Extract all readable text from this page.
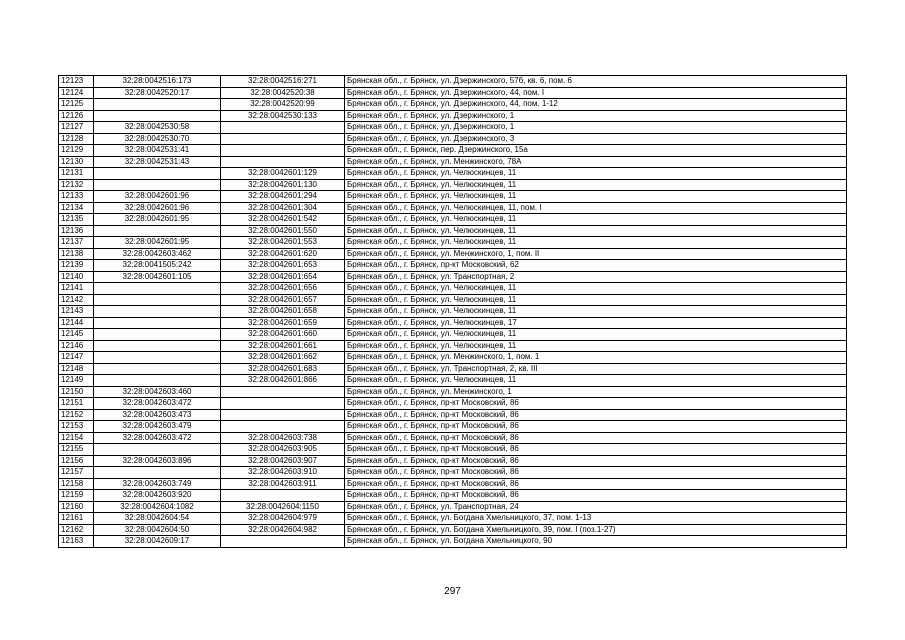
12123	32:28:0042516:173	32:28:0042516:271	Брянская обл., г. Брянск, ул. Дзержинского, 57б, кв. 6, пом. 6
12124	32:28:0042520:17	32:28:0042520:38	Брянская обл., г. Брянск, ул. Дзержинского, 44, пом. I
12125		32:28:0042520:99	Брянская обл., г. Брянск, ул. Дзержинского, 44, пом. 1-12
12126		32:28:0042530:133	Брянская обл., г. Брянск, ул. Дзержинского, 1
12127	32:28:0042530:58		Брянская обл., г. Брянск, ул. Дзержинского, 1
12128	32:28:0042530:70		Брянская обл., г. Брянск, ул. Дзержинского, 3
12129	32:28:0042531:41		Брянская обл., г. Брянск, пер. Дзержинского, 15а
12130	32:28:0042531:43		Брянская обл., г. Брянск, ул. Менжинского, 78А
12131		32:28:0042601:129	Брянская обл., г. Брянск, ул. Челюскинцев, 11
12132		32:28:0042601:130	Брянская обл., г. Брянск, ул. Челюскинцев, 11
12133	32:28:0042601:96	32:28:0042601:294	Брянская обл., г. Брянск, ул. Челюскинцев, 11
12134	32:28:0042601:96	32:28:0042601:304	Брянская обл., г. Брянск, ул. Челюскинцев, 11, пом. I
12135	32:28:0042601:95	32:28:0042601:542	Брянская обл., г. Брянск, ул. Челюскинцев, 11
12136		32:28:0042601:550	Брянская обл., г. Брянск, ул. Челюскинцев, 11
12137	32:28:0042601:95	32:28:0042601:553	Брянская обл., г. Брянск, ул. Челюскинцев, 11
12138	32:28:0042603:462	32:28:0042601:620	Брянская обл., г. Брянск, ул. Менжинского, 1, пом. II
12139	32:28:0041505:242	32:28:0042601:653	Брянская обл., г. Брянск, пр-кт Московский, 62
12140	32:28:0042601:105	32:28:0042601:654	Брянская обл., г. Брянск, ул. Транспортная, 2
12141		32:28:0042601:656	Брянская обл., г. Брянск, ул. Челюскинцев, 11
12142		32:28:0042601:657	Брянская обл., г. Брянск, ул. Челюскинцев, 11
12143		32:28:0042601:658	Брянская обл., г. Брянск, ул. Челюскинцев, 11
12144		32:28:0042601:659	Брянская обл., г. Брянск, ул. Челюскинцев, 17
12145		32:28:0042601:660	Брянская обл., г. Брянск, ул. Челюскинцев, 11
12146		32:28:0042601:661	Брянская обл., г. Брянск, ул. Челюскинцев, 11
12147		32:28:0042601:662	Брянская обл., г. Брянск, ул. Менжинского, 1, пом. 1
12148		32:28:0042601:683	Брянская обл., г. Брянск, ул. Транспортная, 2, кв. III
12149		32:28:0042601:866	Брянская обл., г. Брянск, ул. Челюскинцев, 11
12150	32:28:0042603:460		Брянская обл., г. Брянск, ул. Менжинского, 1
12151	32:28:0042603:472		Брянская обл., г. Брянск, пр-кт Московский, 86
12152	32:28:0042603:473		Брянская обл., г. Брянск, пр-кт Московский, 86
12153	32:28:0042603:479		Брянская обл., г. Брянск, пр-кт Московский, 86
12154	32:28:0042603:472	32:28:0042603:738	Брянская обл., г. Брянск, пр-кт Московский, 86
12155		32:28:0042603:905	Брянская обл., г. Брянск, пр-кт Московский, 86
12156	32:28:0042603:896	32:28:0042603:907	Брянская обл., г. Брянск, пр-кт Московский, 86
12157		32:28:0042603:910	Брянская обл., г. Брянск, пр-кт Московский, 86
12158	32:28:0042603:749	32:28:0042603:911	Брянская обл., г. Брянск, пр-кт Московский, 86
12159	32:28:0042603:920		Брянская обл., г. Брянск, пр-кт Московский, 86
12160	32:28:0042604:1082	32:28:0042604:1150	Брянская обл., г. Брянск, ул. Транспортная, 24
12161	32:28:0042604:54	32:28:0042604:979	Брянская обл., г. Брянск, ул. Богдана Хмельницкого, 37, пом. 1-13
12162	32:28:0042604:50	32:28:0042604:982	Брянская обл., г. Брянск, ул. Богдана Хмельницкого, 39, пом. I (поз.1-27)
12163	32:28:0042609:17		Брянская обл., г. Брянск, ул. Богдана Хмельницкого, 90
297
